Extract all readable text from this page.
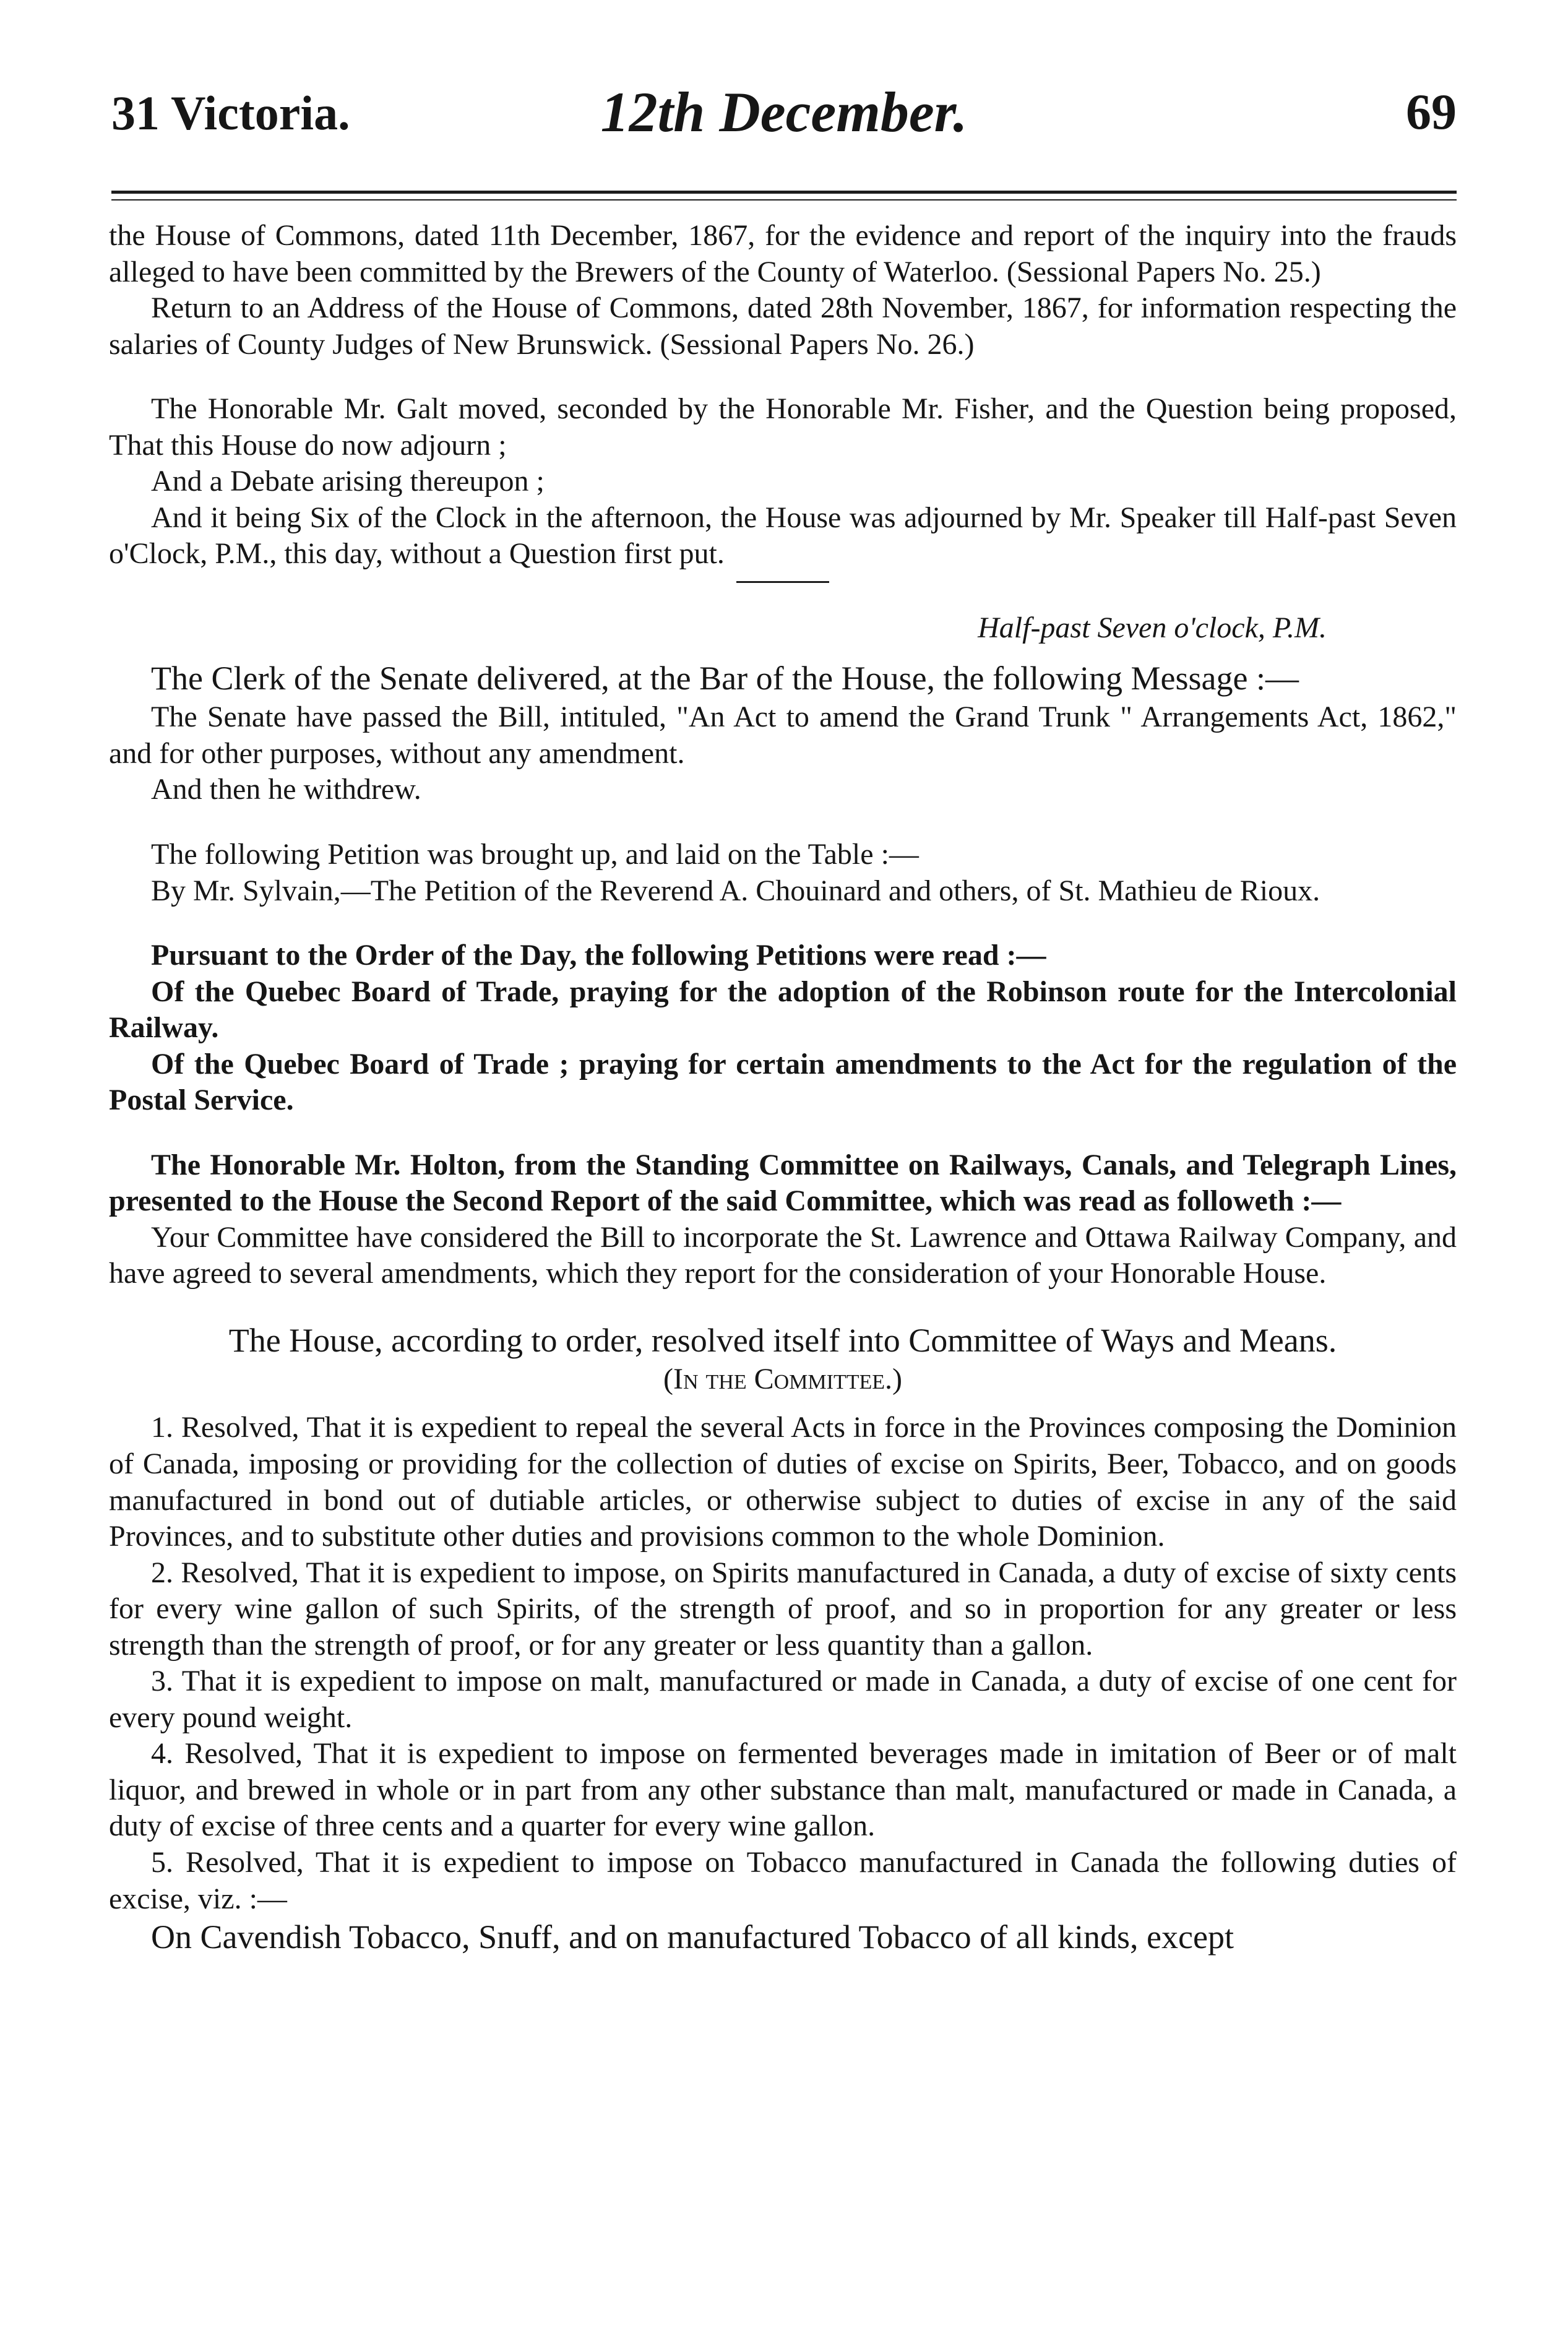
31 Victoria.	12th December.	69

the House of Commons, dated 11th December, 1867, for the evidence and report of the inquiry into the frauds alleged to have been committed by the Brewers of the County of Waterloo. (Sessional Papers No. 25.)

Return to an Address of the House of Commons, dated 28th November, 1867, for information respecting the salaries of County Judges of New Brunswick. (Sessional Papers No. 26.)

The Honorable Mr. Galt moved, seconded by the Honorable Mr. Fisher, and the Question being proposed, That this House do now adjourn ;

And a Debate arising thereupon ;

And it being Six of the Clock in the afternoon, the House was adjourned by Mr. Speaker till Half-past Seven o'Clock, P.M., this day, without a Question first put.

Half-past Seven o'clock, P.M.

The Clerk of the Senate delivered, at the Bar of the House, the following Message :—

The Senate have passed the Bill, intituled, "An Act to amend the Grand Trunk " Arrangements Act, 1862," and for other purposes, without any amendment.

And then he withdrew.

The following Petition was brought up, and laid on the Table :—

By Mr. Sylvain,—The Petition of the Reverend A. Chouinard and others, of St. Mathieu de Rioux.

Pursuant to the Order of the Day, the following Petitions were read :—

Of the Quebec Board of Trade, praying for the adoption of the Robinson route for the Intercolonial Railway.

Of the Quebec Board of Trade ; praying for certain amendments to the Act for the regulation of the Postal Service.

The Honorable Mr. Holton, from the Standing Committee on Railways, Canals, and Telegraph Lines, presented to the House the Second Report of the said Committee, which was read as followeth :—

Your Committee have considered the Bill to incorporate the St. Lawrence and Ottawa Railway Company, and have agreed to several amendments, which they report for the consideration of your Honorable House.

The House, according to order, resolved itself into Committee of Ways and Means.

(In the Committee.)

1. Resolved, That it is expedient to repeal the several Acts in force in the Provinces composing the Dominion of Canada, imposing or providing for the collection of duties of excise on Spirits, Beer, Tobacco, and on goods manufactured in bond out of dutiable articles, or otherwise subject to duties of excise in any of the said Provinces, and to substitute other duties and provisions common to the whole Dominion.

2. Resolved, That it is expedient to impose, on Spirits manufactured in Canada, a duty of excise of sixty cents for every wine gallon of such Spirits, of the strength of proof, and so in proportion for any greater or less strength than the strength of proof, or for any greater or less quantity than a gallon.

3. That it is expedient to impose on malt, manufactured or made in Canada, a duty of excise of one cent for every pound weight.

4. Resolved, That it is expedient to impose on fermented beverages made in imitation of Beer or of malt liquor, and brewed in whole or in part from any other substance than malt, manufactured or made in Canada, a duty of excise of three cents and a quarter for every wine gallon.

5. Resolved, That it is expedient to impose on Tobacco manufactured in Canada the following duties of excise, viz. :—

On Cavendish Tobacco, Snuff, and on manufactured Tobacco of all kinds, except
